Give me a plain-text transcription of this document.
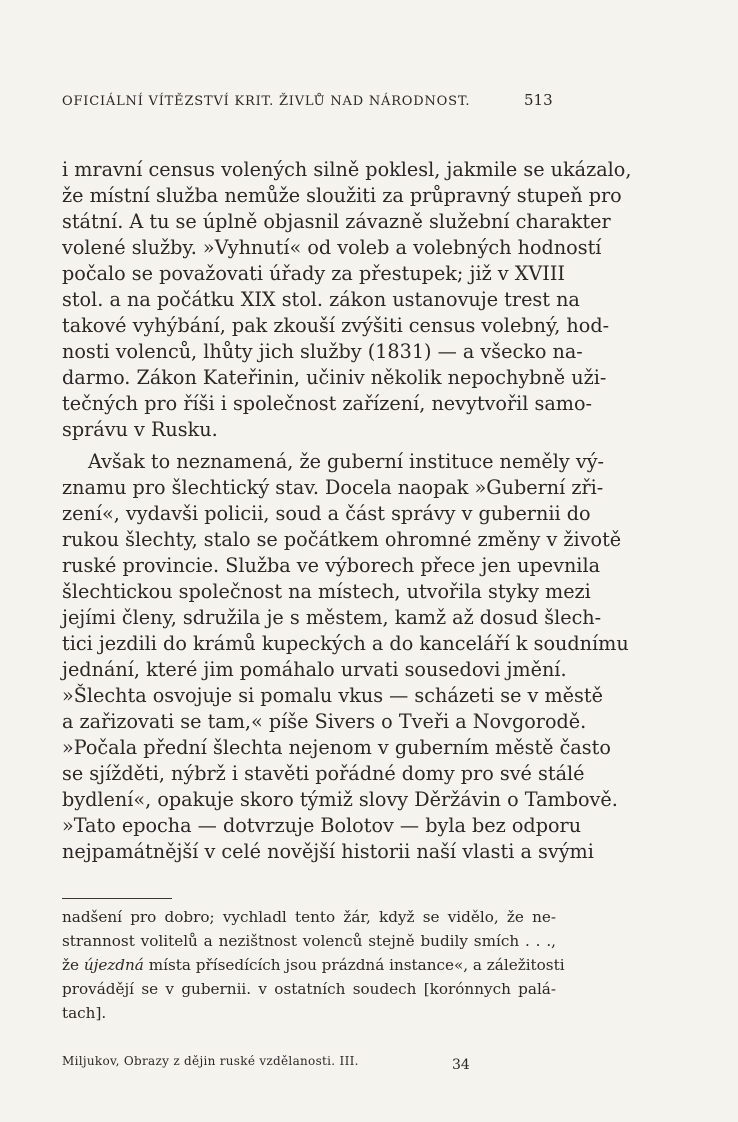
OFICIÁLNÍ VÍTĚZSTVÍ KRIT. ŽIVLŮ NAD NÁRODNOST.	513
i mravní census volených silně poklesl, jakmile se ukázalo,
že místní služba nemůže sloužiti za průpravný stupeň pro
státní. A tu se úplně objasnil závazně služební charakter
volené služby. »Vyhnutí« od voleb a volebných hodností
počalo se považovati úřady za přestupek; již v XVIII
stol. a na počátku XIX stol. zákon ustanovuje trest na
takové vyhýbání, pak zkouší zvýšiti census volebný, hod-
nosti volenců, lhůty jich služby (1831) — a všecko na-
darmo. Zákon Kateřinin, učiniv několik nepochybně uži-
tečných pro říši i společnost zařízení, nevytvořil samo-
správu v Rusku.
Avšak to neznamená, že guberní instituce neměly vý-
znamu pro šlechtický stav. Docela naopak »Guberní zři-
zení«, vydavši policii, soud a část správy v gubernii do
rukou šlechty, stalo se počátkem ohromné změny v životě
ruské provincie. Služba ve výborech přece jen upevnila
šlechtickou společnost na místech, utvořila styky mezi
jejími členy, sdružila je s městem, kamž až dosud šlech-
tici jezdili do krámů kupeckých a do kanceláří k soudnímu
jednání, které jim pomáhalo urvati sousedovi jmění.
»Šlechta osvojuje si pomalu vkus — scházeti se v městě
a zařizovati se tam,« píše Sivers o Tveři a Novgorodě.
»Počala přední šlechta nejenom v guberním městě často
se sjížděti, nýbrž i stavěti pořádné domy pro své stálé
bydlení«, opakuje skoro týmiž slovy Děržávin o Tambově.
»Tato epocha — dotvrzuje Bolotov — byla bez odporu
nejpamátnější v celé novější historii naší vlasti a svými
nadšení pro dobro; vychladl tento žár, když se vidělo, že ne-
strannost volitelů a nezištnost volenců stejně budily smích . . .,
že újezdná místa přísedících jsou prázdná instance«, a záležitosti
provádějí se v gubernii. v ostatních soudech [korónnych palá-
tach].
Miljukov, Obrazy z dějin ruské vzdělanosti. III.	34
